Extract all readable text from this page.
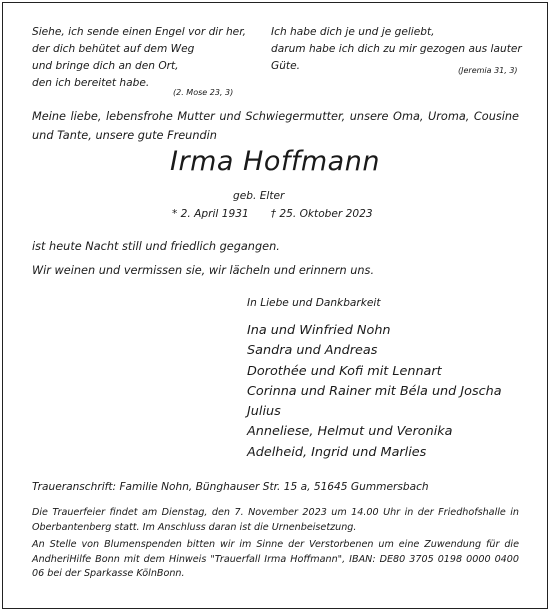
Siehe, ich sende einen Engel vor dir her,
der dich behütet auf dem Weg
und bringe dich an den Ort,
den ich bereitet habe.
(2. Mose 23, 3)
Ich habe dich je und je geliebt,
darum habe ich dich zu mir gezogen aus lauter Güte.	(Jeremia 31, 3)
Meine liebe, lebensfrohe Mutter und Schwiegermutter, unsere Oma, Uroma, Cousine und Tante, unsere gute Freundin
Irma Hoffmann
geb. Elter
* 2. April 1931 † 25. Oktober 2023
ist heute Nacht still und friedlich gegangen.
Wir weinen und vermissen sie, wir lächeln und erinnern uns.
In Liebe und Dankbarkeit
Ina und Winfried Nohn
Sandra und Andreas
Dorothée und Kofi mit Lennart
Corinna und Rainer mit Béla und Joscha
Julius
Anneliese, Helmut und Veronika
Adelheid, Ingrid und Marlies
Traueranschrift: Familie Nohn, Bünghauser Str. 15 a, 51645 Gummersbach
Die Trauerfeier findet am Dienstag, den 7. November 2023 um 14.00 Uhr in der Friedhofshalle in Oberbantenberg statt. Im Anschluss daran ist die Urnenbeisetzung.
An Stelle von Blumenspenden bitten wir im Sinne der Verstorbenen um eine Zuwendung für die AndheriHilfe Bonn mit dem Hinweis "Trauerfall Irma Hoffmann", IBAN: DE80 3705 0198 0000 0400 06 bei der Sparkasse KölnBonn.
